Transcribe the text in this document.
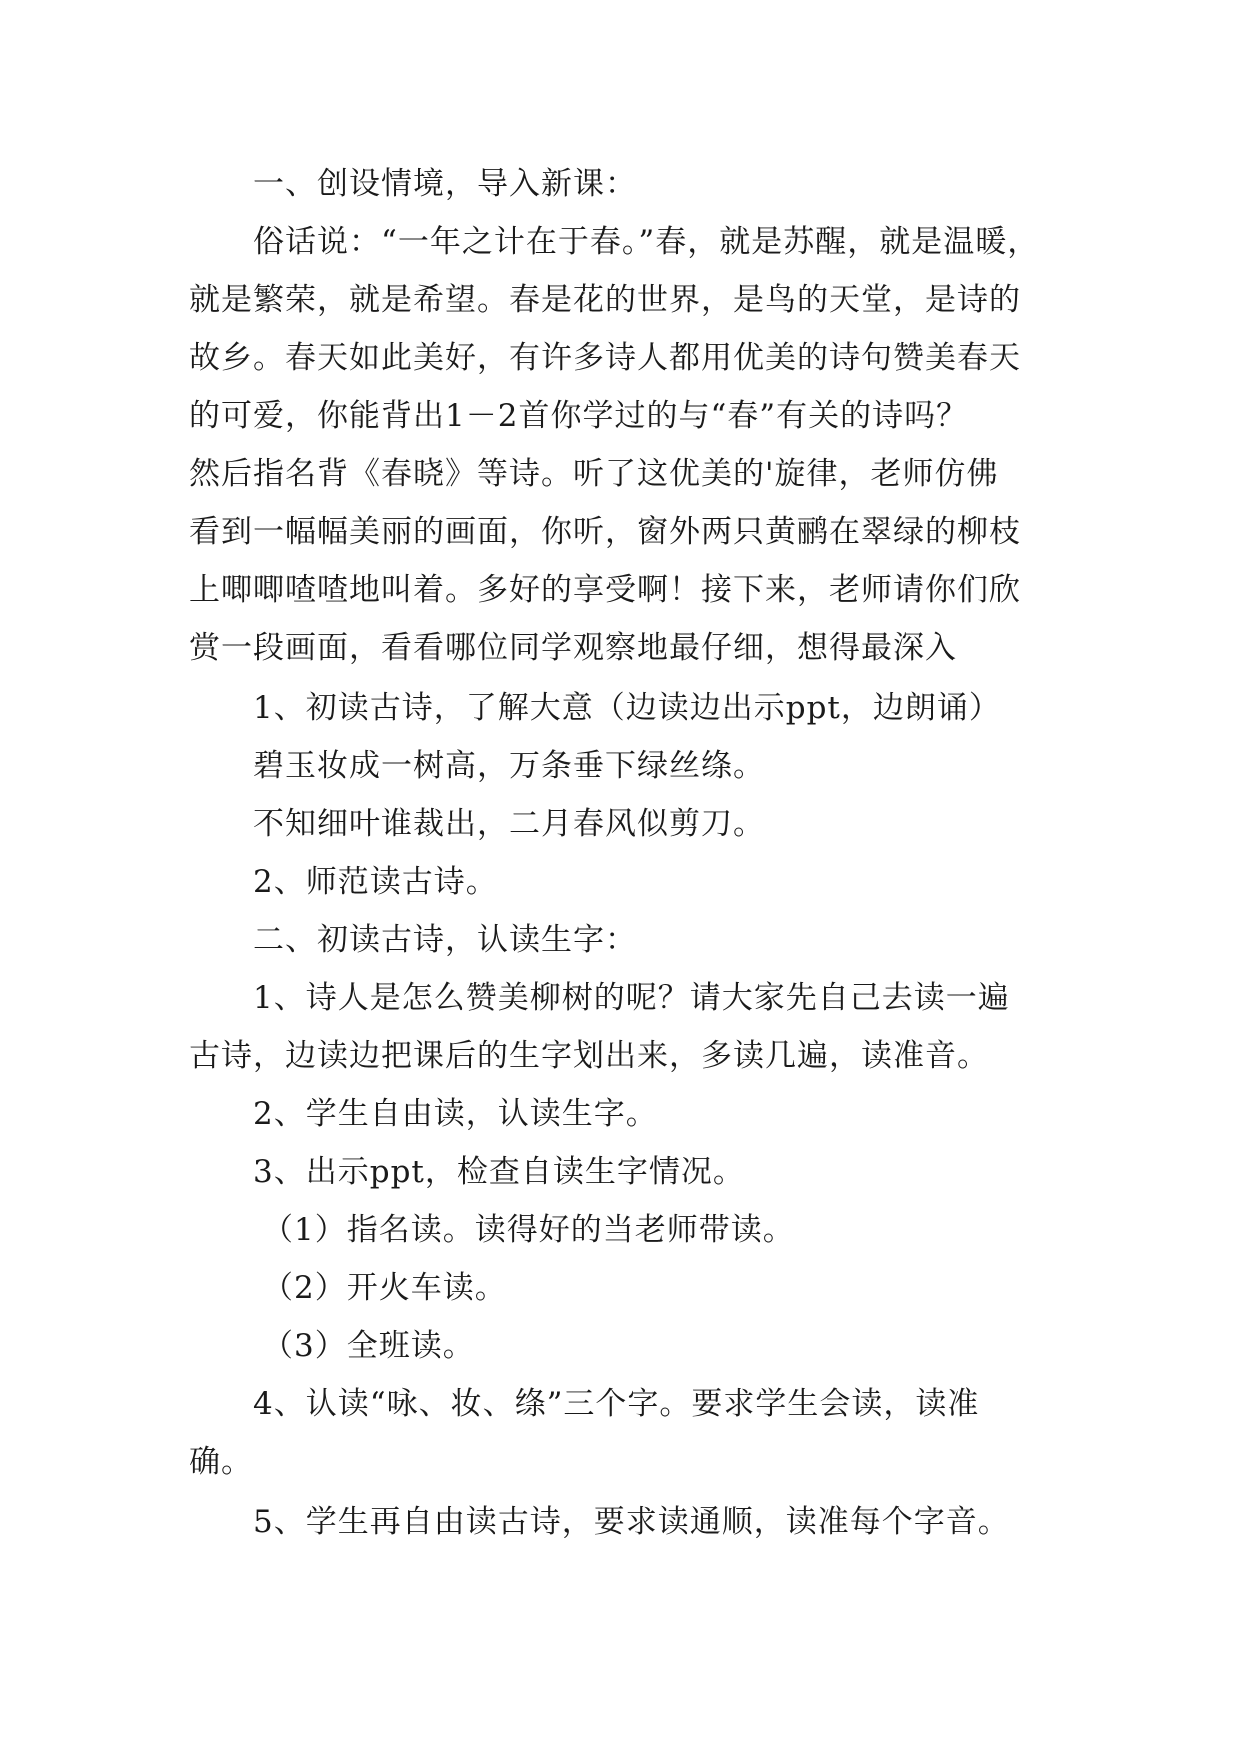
一、创设情境，导入新课：
俗话说：“一年之计在于春。”春，就是苏醒，就是温暖，
就是繁荣，就是希望。春是花的世界，是鸟的天堂，是诗的
故乡。春天如此美好，有许多诗人都用优美的诗句赞美春天
的可爱，你能背出1－2首你学过的与“春”有关的诗吗？
然后指名背《春晓》等诗。听了这优美的'旋律，老师仿佛
看到一幅幅美丽的画面，你听，窗外两只黄鹂在翠绿的柳枝
上唧唧喳喳地叫着。多好的享受啊！接下来，老师请你们欣
赏一段画面，看看哪位同学观察地最仔细，想得最深入
1、初读古诗，了解大意（边读边出示ppt，边朗诵）
碧玉妆成一树高，万条垂下绿丝绦。
不知细叶谁裁出，二月春风似剪刀。
2、师范读古诗。
二、初读古诗，认读生字：
1、诗人是怎么赞美柳树的呢？请大家先自己去读一遍
古诗，边读边把课后的生字划出来，多读几遍，读准音。
2、学生自由读，认读生字。
3、出示ppt，检查自读生字情况。
（1）指名读。读得好的当老师带读。
（2）开火车读。
（3）全班读。
4、认读“咏、妆、绦”三个字。要求学生会读，读准
确。
5、学生再自由读古诗，要求读通顺，读准每个字音。
